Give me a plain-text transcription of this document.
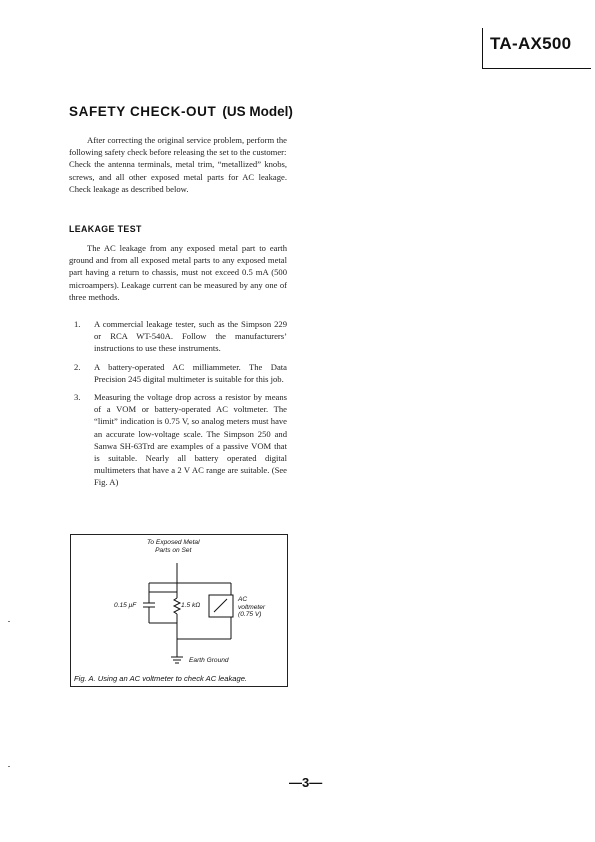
TA-AX500
SAFETY CHECK-OUT (US Model)

After correcting the original service problem, perform the following safety check before releasing the set to the customer:

Check the antenna terminals, metal trim, “metallized” knobs, screws, and all other exposed metal parts for AC leakage. Check leakage as described below.

LEAKAGE TEST

The AC leakage from any exposed metal part to earth ground and from all exposed metal parts to any exposed metal part having a return to chassis, must not exceed 0.5 mA (500 microampers). Leakage current can be measured by any one of three methods.

1.	A commercial leakage tester, such as the Simpson 229 or RCA WT-540A. Follow the manufacturers’ instructions to use these instruments.
2.	A battery-operated AC milliammeter. The Data Precision 245 digital multimeter is suitable for this job.
3.	Measuring the voltage drop across a resistor by means of a VOM or battery-operated AC voltmeter. The “limit” indication is 0.75 V, so analog meters must have an accurate low-voltage scale. The Simpson 250 and Sanwa SH-63Trd are examples of a passive VOM that is suitable. Nearly all battery operated digital multimeters that have a 2 V AC range are suitable. (See Fig. A)
To Exposed Metal
Parts on Set
0.15 μF	1.5 kΩ
AC
voltmeter
(0.75 V)
Earth Ground
Fig. A. Using an AC voltmeter to check AC leakage.
—3—
